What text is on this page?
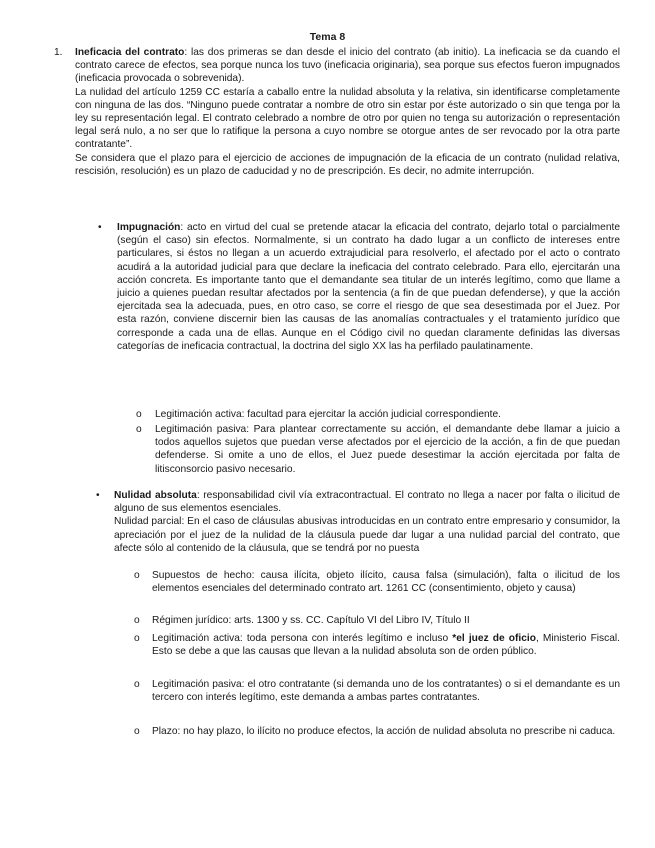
Tema 8
1. Ineficacia del contrato: las dos primeras se dan desde el inicio del contrato (ab initio). La ineficacia se da cuando el contrato carece de efectos, sea porque nunca los tuvo (ineficacia originaria), sea porque sus efectos fueron impugnados (ineficacia provocada o sobrevenida).

La nulidad del artículo 1259 CC estaría a caballo entre la nulidad absoluta y la relativa, sin identificarse completamente con ninguna de las dos. “Ninguno puede contratar a nombre de otro sin estar por éste autorizado o sin que tenga por la ley su representación legal. El contrato celebrado a nombre de otro por quien no tenga su autorización o representación legal será nulo, a no ser que lo ratifique la persona a cuyo nombre se otorgue antes de ser revocado por la otra parte contratante”.

Se considera que el plazo para el ejercicio de acciones de impugnación de la eficacia de un contrato (nulidad relativa, rescisión, resolución) es un plazo de caducidad y no de prescripción. Es decir, no admite interrupción.

• Impugnación: acto en virtud del cual se pretende atacar la eficacia del contrato, dejarlo total o parcialmente (según el caso) sin efectos. Normalmente, si un contrato ha dado lugar a un conflicto de intereses entre particulares, si éstos no llegan a un acuerdo extrajudicial para resolverlo, el afectado por el acto o contrato acudirá a la autoridad judicial para que declare la ineficacia del contrato celebrado. Para ello, ejercitarán una acción concreta. Es importante tanto que el demandante sea titular de un interés legítimo, como que llame a juicio a quienes puedan resultar afectados por la sentencia (a fin de que puedan defenderse), y que la acción ejercitada sea la adecuada, pues, en otro caso, se corre el riesgo de que sea desestimada por el Juez. Por esta razón, conviene discernir bien las causas de las anomalías contractuales y el tratamiento jurídico que corresponde a cada una de ellas. Aunque en el Código civil no quedan claramente definidas las diversas categorías de ineficacia contractual, la doctrina del siglo XX las ha perfilado paulatinamente.

o Legitimación activa: facultad para ejercitar la acción judicial correspondiente.
o Legitimación pasiva: Para plantear correctamente su acción, el demandante debe llamar a juicio a todos aquellos sujetos que puedan verse afectados por el ejercicio de la acción, a fin de que puedan defenderse. Si omite a uno de ellos, el Juez puede desestimar la acción ejercitada por falta de litisconsorcio pasivo necesario.
• Nulidad absoluta: responsabilidad civil vía extracontractual. El contrato no llega a nacer por falta o ilicitud de alguno de sus elementos esenciales.

Nulidad parcial: En el caso de cláusulas abusivas introducidas en un contrato entre empresario y consumidor, la apreciación por el juez de la nulidad de la cláusula puede dar lugar a una nulidad parcial del contrato, que afecte sólo al contenido de la cláusula, que se tendrá por no puesta

o Supuestos de hecho: causa ilícita, objeto ilícito, causa falsa (simulación), falta o ilicitud de los elementos esenciales del determinado contrato art. 1261 CC (consentimiento, objeto y causa)
o Régimen jurídico: arts. 1300 y ss. CC. Capítulo VI del Libro IV, Título II
o Legitimación activa: toda persona con interés legítimo e incluso *el juez de oficio, Ministerio Fiscal. Esto se debe a que las causas que llevan a la nulidad absoluta son de orden público.
o Legitimación pasiva: el otro contratante (si demanda uno de los contratantes) o si el demandante es un tercero con interés legítimo, este demanda a ambas partes contratantes.
o Plazo: no hay plazo, lo ilícito no produce efectos, la acción de nulidad absoluta no prescribe ni caduca.
